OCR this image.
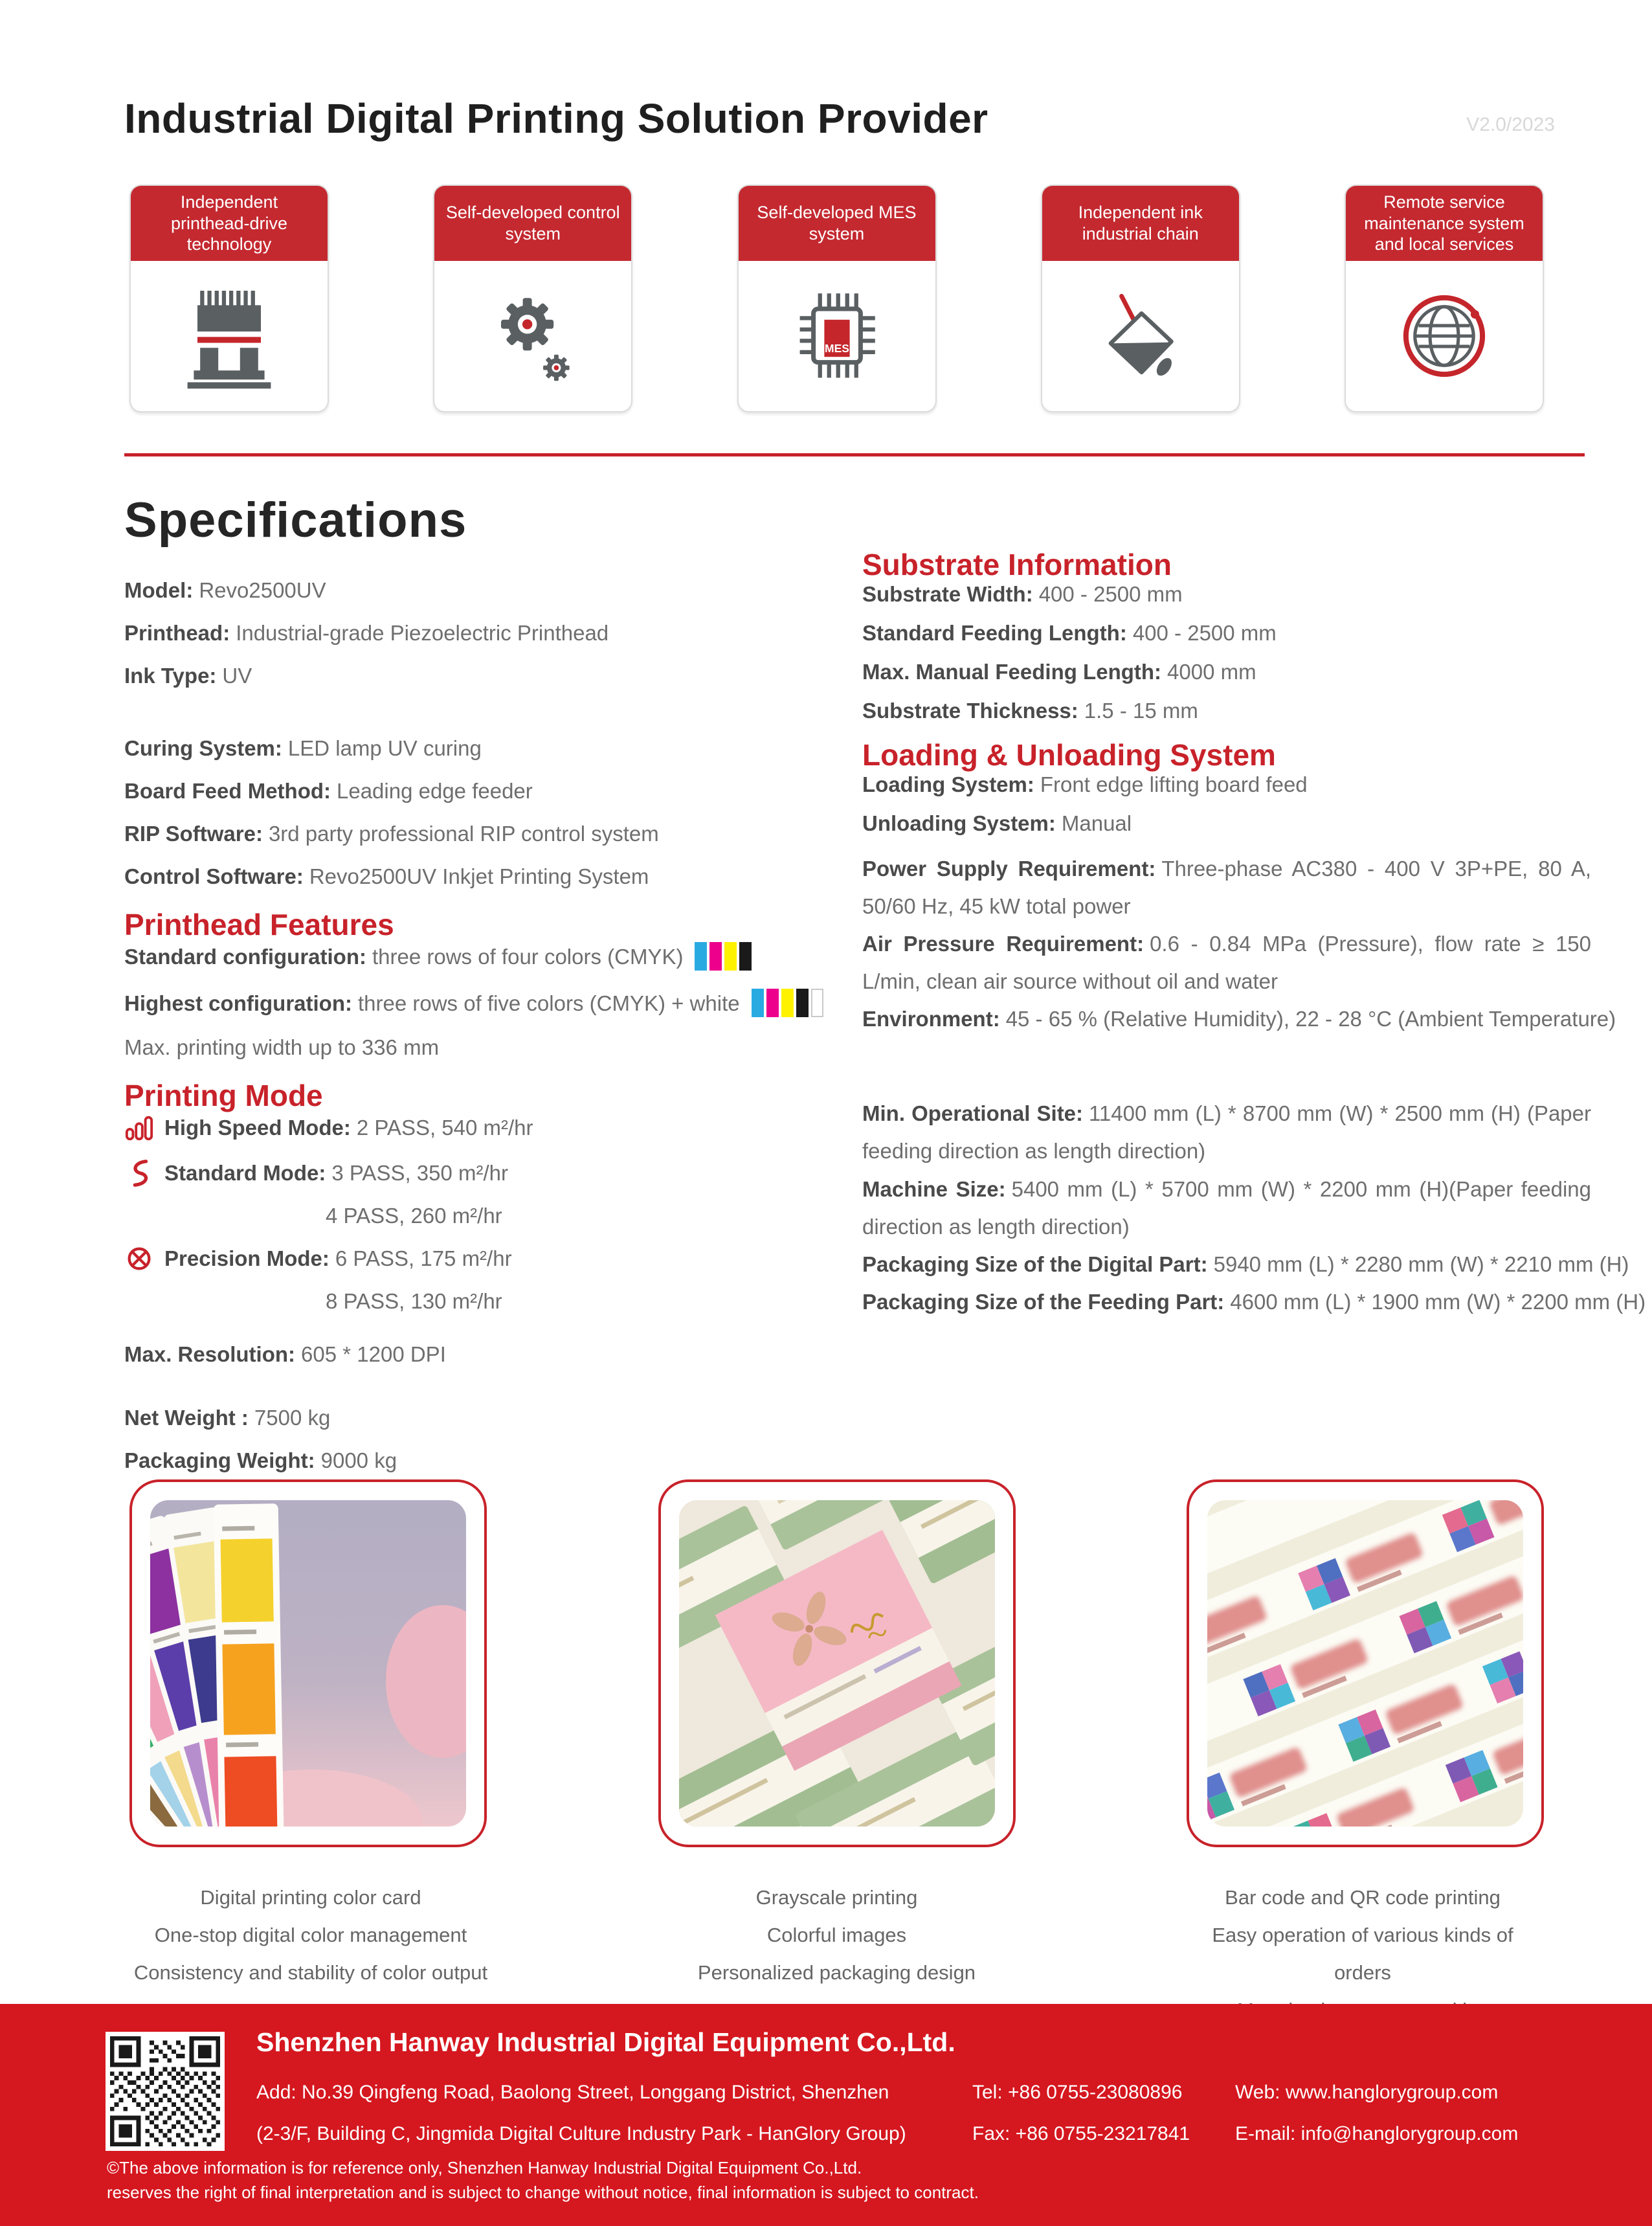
Industrial Digital Printing Solution Provider	V2.0/2023
Independent printhead-drive technology
Self-developed control system
Self-developed MES system
MES
Independent ink industrial chain
Remote service maintenance system and local services
Specifications
Model: Revo2500UV
Printhead: Industrial-grade Piezoelectric Printhead
Ink Type: UV
Curing System: LED lamp UV curing
Board Feed Method: Leading edge feeder
RIP Software: 3rd party professional RIP control system
Control Software: Revo2500UV Inkjet Printing System
Printhead Features
Standard configuration: three rows of four colors (CMYK)
Highest configuration: three rows of five colors (CMYK) + white
Max. printing width up to 336 mm
Printing Mode
High Speed Mode: 2 PASS, 540 m²/hr
Standard Mode: 3 PASS, 350 m²/hr
4 PASS, 260 m²/hr
Precision Mode: 6 PASS, 175 m²/hr
8 PASS, 130 m²/hr
Max. Resolution: 605 * 1200 DPI
Net Weight : 7500 kg
Packaging Weight: 9000 kg
Substrate Information
Substrate Width: 400 - 2500 mm
Standard Feeding Length: 400 - 2500 mm
Max. Manual Feeding Length: 4000 mm
Substrate Thickness: 1.5 - 15 mm
Loading & Unloading System
Loading System: Front edge lifting board feed
Unloading System: Manual

Power Supply Requirement: Three-phase AC380 - 400 V 3P+PE, 80 A, 50/60 Hz, 45 kW total power

Air Pressure Requirement: 0.6 - 0.84 MPa (Pressure), flow rate ≥ 150 L/min, clean air source without oil and water

Environment: 45 - 65 % (Relative Humidity), 22 - 28 °C (Ambient Temperature)

Min. Operational Site: 11400 mm (L) * 8700 mm (W) * 2500 mm (H) (Paper feeding direction as length direction)

Machine Size: 5400 mm (L) * 5700 mm (W) * 2200 mm (H)(Paper feeding direction as length direction)

Packaging Size of the Digital Part: 5940 mm (L) * 2280 mm (W) * 2210 mm (H)

Packaging Size of the Feeding Part: 4600 mm (L) * 1900 mm (W) * 2200 mm (H)

Digital printing color card
One-stop digital color management
Consistency and stability of color output
Grayscale printing
Colorful images
Personalized packaging design
Bar code and QR code printing
Easy operation of various kinds of orders
Shenzhen Hanway Industrial Digital Equipment Co.,Ltd.
Add: No.39 Qingfeng Road, Baolong Street, Longgang District, Shenzhen
(2-3/F, Building C, Jingmida Digital Culture Industry Park - HanGlory Group)
Tel: +86 0755-23080896
Fax: +86 0755-23217841
Web: www.hanglorygroup.com
E-mail: info@hanglorygroup.com
©The above information is for reference only, Shenzhen Hanway Industrial Digital Equipment Co.,Ltd.
reserves the right of final interpretation and is subject to change without notice, final information is subject to contract.
